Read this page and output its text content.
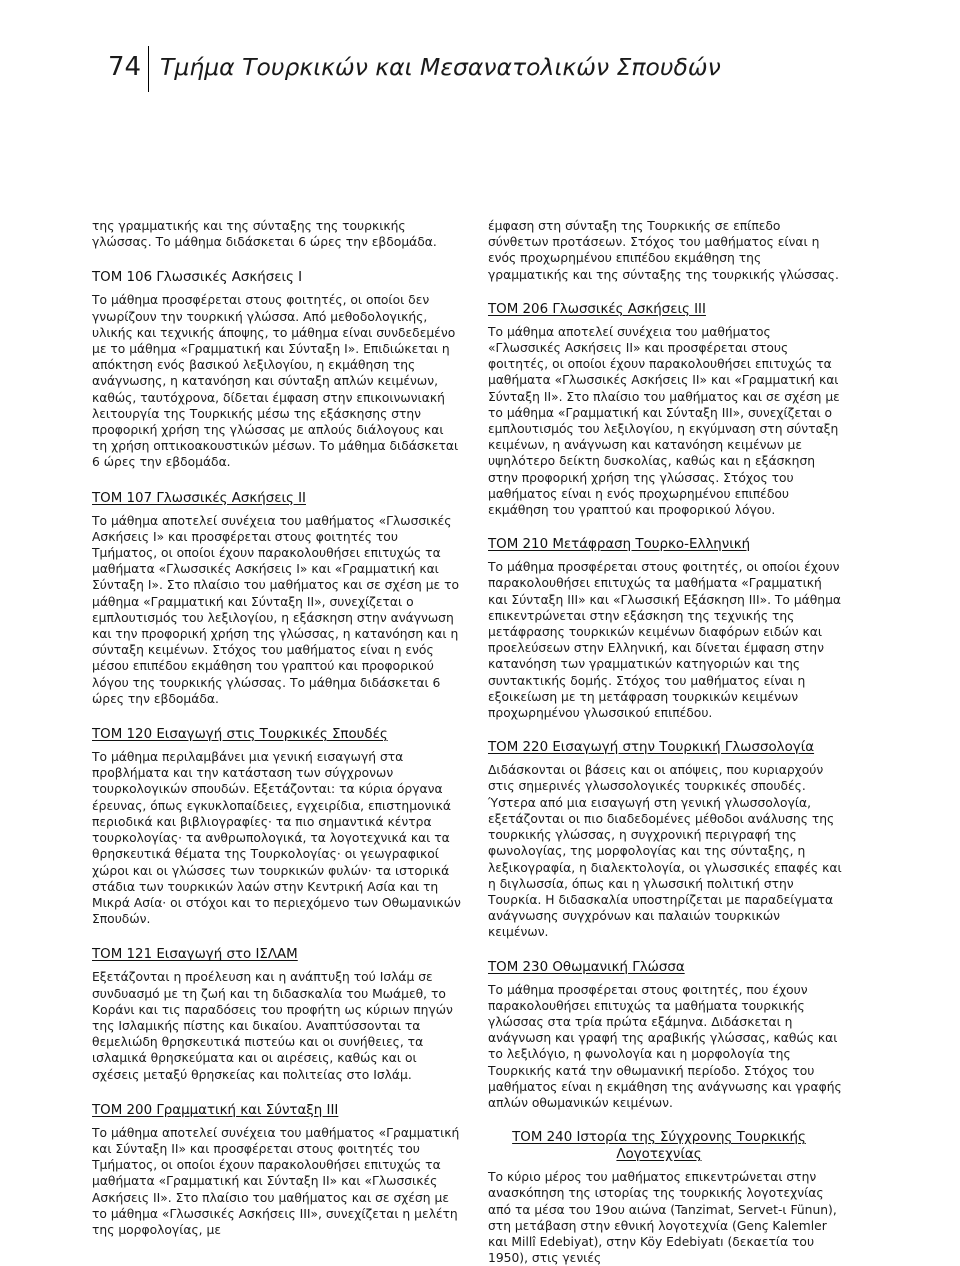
74 Τμήμα Τουρκικών και Μεσανατολικών Σπουδών

της γραμματικής και της σύνταξης της τουρκικής γλώσσας. Το μάθημα διδάσκεται 6 ώρες την εβδομάδα.

ΤΟΜ 106 Γλωσσικές Ασκήσεις Ι

Το μάθημα προσφέρεται στους φοιτητές, οι οποίοι δεν γνωρίζουν την τουρκική γλώσσα. Από μεθοδολογικής, υλικής και τεχνικής άποψης, το μάθημα είναι συνδεδεμένο με το μάθημα «Γραμματική και Σύνταξη Ι». Επιδιώκεται η απόκτηση ενός βασικού λεξιλογίου, η εκμάθηση της ανάγνωσης, η κατανόηση και σύνταξη απλών κειμένων, καθώς, ταυτόχρονα, δίδεται έμφαση στην επικοινωνιακή λειτουργία της Τουρκικής μέσω της εξάσκησης στην προφορική χρήση της γλώσσας με απλούς διάλογους και τη χρήση οπτικοακουστικών μέσων. Το μάθημα διδάσκεται 6 ώρες την εβδομάδα.

ΤΟΜ 107 Γλωσσικές Ασκήσεις ΙΙ

Το μάθημα αποτελεί συνέχεια του μαθήματος «Γλωσσικές Ασκήσεις Ι» και προσφέρεται στους φοιτητές του Τμήματος, οι οποίοι έχουν παρακολουθήσει επιτυχώς τα μαθήματα «Γλωσσικές Ασκήσεις Ι» και «Γραμματική και Σύνταξη Ι». Στο πλαίσιο του μαθήματος και σε σχέση με το μάθημα «Γραμματική και Σύνταξη ΙΙ», συνεχίζεται ο εμπλουτισμός του λεξιλογίου, η εξάσκηση στην ανάγνωση και την προφορική χρήση της γλώσσας, η κατανόηση και η σύνταξη κειμένων. Στόχος του μαθήματος είναι η ενός μέσου επιπέδου εκμάθηση του γραπτού και προφορικού λόγου της τουρκικής γλώσσας. Το μάθημα διδάσκεται 6 ώρες την εβδομάδα.

ΤΟΜ 120 Εισαγωγή στις Τουρκικές Σπουδές

Το μάθημα περιλαμβάνει μια γενική εισαγωγή στα προβλήματα και την κατάσταση των σύγχρονων τουρκολογικών σπουδών. Εξετάζονται: τα κύρια όργανα έρευνας, όπως εγκυκλοπαίδειες, εγχειρίδια, επιστημονικά περιοδικά και βιβλιογραφίες· τα πιο σημαντικά κέντρα τουρκολογίας· τα ανθρωπολογικά, τα λογοτεχνικά και τα θρησκευτικά θέματα της Τουρκολογίας· οι γεωγραφικοί χώροι και οι γλώσσες των τουρκικών φυλών· τα ιστορικά στάδια των τουρκικών λαών στην Κεντρική Ασία και τη Μικρά Ασία· οι στόχοι και το περιεχόμενο των Οθωμανικών Σπουδών.

ΤΟΜ 121 Εισαγωγή στο ΙΣΛΑΜ

Εξετάζονται η προέλευση και η ανάπτυξη τού Ισλάμ σε συνδυασμό με τη ζωή και τη διδασκαλία του Μωάμεθ, το Κοράνι και τις παραδόσεις του προφήτη ως κύριων πηγών της Ισλαμικής πίστης και δικαίου. Αναπτύσσονται τα θεμελιώδη θρησκευτικά πιστεύω και οι συνήθειες, τα ισλαμικά θρησκεύματα και οι αιρέσεις, καθώς και οι σχέσεις μεταξύ θρησκείας και πολιτείας στο Ισλάμ.

ΤΟΜ 200 Γραμματική και Σύνταξη ΙΙΙ

Το μάθημα αποτελεί συνέχεια του μαθήματος «Γραμματική και Σύνταξη ΙΙ» και προσφέρεται στους φοιτητές του Τμήματος, οι οποίοι έχουν παρακολουθήσει επιτυχώς τα μαθήματα «Γραμματική και Σύνταξη ΙΙ» και «Γλωσσικές Ασκήσεις ΙΙ». Στο πλαίσιο του μαθήματος και σε σχέση με το μάθημα «Γλωσσικές Ασκήσεις ΙΙΙ», συνεχίζεται η μελέτη της μορφολογίας, με

έμφαση στη σύνταξη της Τουρκικής σε επίπεδο σύνθετων προτάσεων. Στόχος του μαθήματος είναι η ενός προχωρημένου επιπέδου εκμάθηση της γραμματικής και της σύνταξης της τουρκικής γλώσσας.

ΤΟΜ 206 Γλωσσικές Ασκήσεις ΙΙΙ

Το μάθημα αποτελεί συνέχεια του μαθήματος «Γλωσσικές Ασκήσεις ΙΙ» και προσφέρεται στους φοιτητές, οι οποίοι έχουν παρακολουθήσει επιτυχώς τα μαθήματα «Γλωσσικές Ασκήσεις ΙΙ» και «Γραμματική και Σύνταξη ΙΙ». Στο πλαίσιο του μαθήματος και σε σχέση με το μάθημα «Γραμματική και Σύνταξη ΙΙΙ», συνεχίζεται ο εμπλουτισμός του λεξιλογίου, η εκγύμναση στη σύνταξη κειμένων, η ανάγνωση και κατανόηση κειμένων με υψηλότερο δείκτη δυσκολίας, καθώς και η εξάσκηση στην προφορική χρήση της γλώσσας. Στόχος του μαθήματος είναι η ενός προχωρημένου επιπέδου εκμάθηση του γραπτού και προφορικού λόγου.

ΤΟΜ 210 Μετάφραση Τουρκο-Ελληνική

Το μάθημα προσφέρεται στους φοιτητές, οι οποίοι έχουν παρακολουθήσει επιτυχώς τα μαθήματα «Γραμματική και Σύνταξη ΙΙΙ» και «Γλωσσική Εξάσκηση ΙΙΙ». Το μάθημα επικεντρώνεται στην εξάσκηση της τεχνικής της μετάφρασης τουρκικών κειμένων διαφόρων ειδών και προελεύσεων στην Ελληνική, και δίνεται έμφαση στην κατανόηση των γραμματικών κατηγοριών και της συντακτικής δομής. Στόχος του μαθήματος είναι η εξοικείωση με τη μετάφραση τουρκικών κειμένων προχωρημένου γλωσσικού επιπέδου.

ΤΟΜ 220 Εισαγωγή στην Τουρκική Γλωσσολογία

Διδάσκονται οι βάσεις και οι απόψεις, που κυριαρχούν στις σημερινές γλωσσολογικές τουρκικές σπουδές. Ύστερα από μια εισαγωγή στη γενική γλωσσολογία, εξετάζονται οι πιο διαδεδομένες μέθοδοι ανάλυσης της τουρκικής γλώσσας, η συγχρονική περιγραφή της φωνολογίας, της μορφολογίας και της σύνταξης, η λεξικογραφία, η διαλεκτολογία, οι γλωσσικές επαφές και η διγλωσσία, όπως και η γλωσσική πολιτική στην Τουρκία. Η διδασκαλία υποστηρίζεται με παραδείγματα ανάγνωσης συγχρόνων και παλαιών τουρκικών κειμένων.

ΤΟΜ 230 Οθωμανική Γλώσσα

Το μάθημα προσφέρεται στους φοιτητές, που έχουν παρακολουθήσει επιτυχώς τα μαθήματα τουρκικής γλώσσας στα τρία πρώτα εξάμηνα. Διδάσκεται η ανάγνωση και γραφή της αραβικής γλώσσας, καθώς και το λεξιλόγιο, η φωνολογία και η μορφολογία της Τουρκικής κατά την οθωμανική περίοδο. Στόχος του μαθήματος είναι η εκμάθηση της ανάγνωσης και γραφής απλών οθωμανικών κειμένων.

ΤΟΜ 240 Ιστορία της Σύγχρονης Τουρκικής Λογοτεχνίας

Το κύριο μέρος του μαθήματος επικεντρώνεται στην ανασκόπηση της ιστορίας της τουρκικής λογοτεχνίας από τα μέσα του 19ου αιώνα (Tanzimat, Servet-ι Fünun), στη μετάβαση στην εθνική λογοτεχνία (Genç Kalemler και Millî Edebiyat), στην Köy Edebiyatı (δεκαετία του 1950), στις γενιές
